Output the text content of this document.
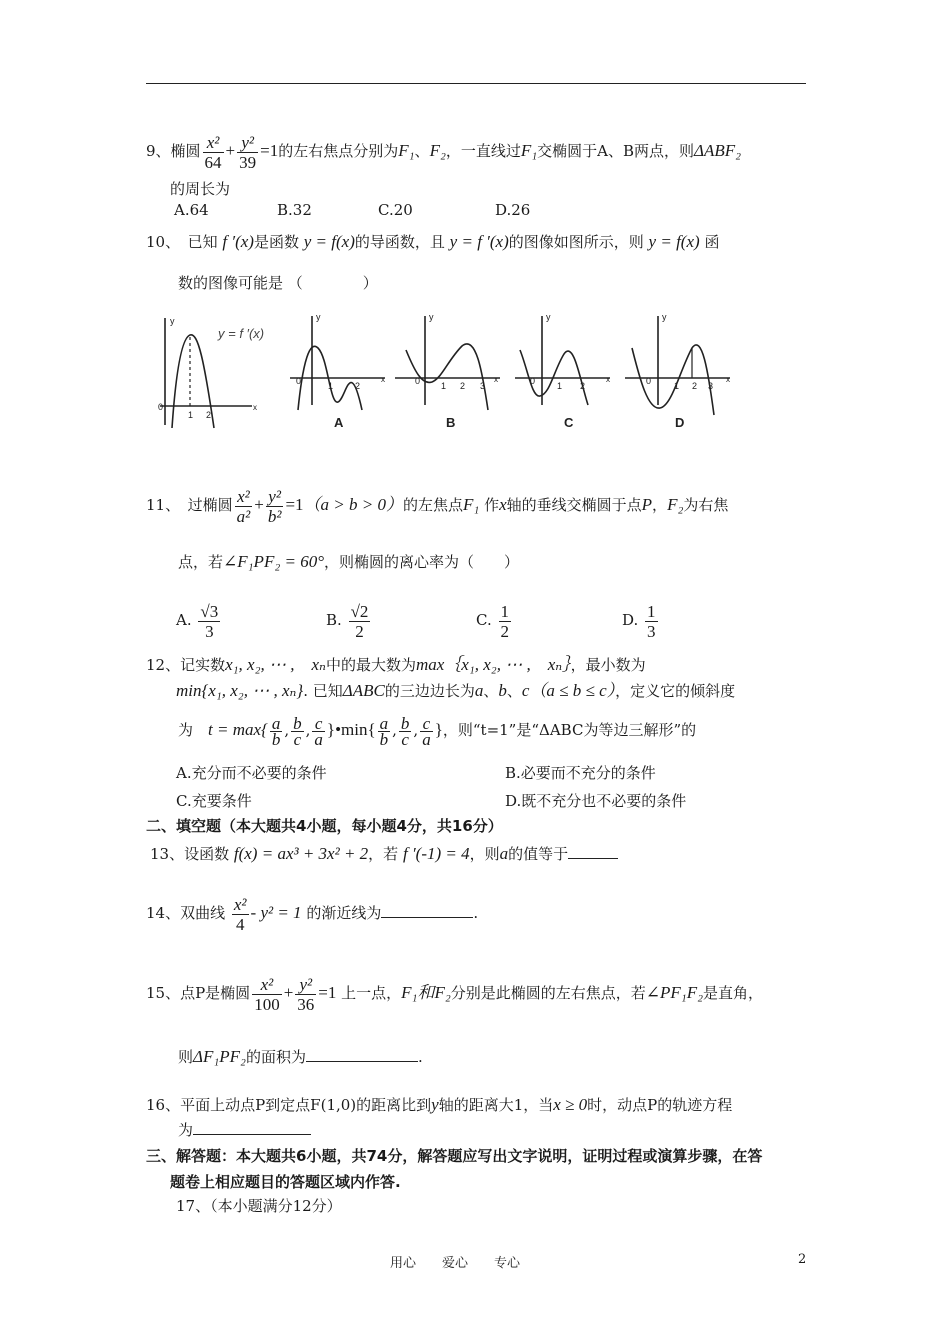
9、椭圆 $\frac{\text{x²}}{64} + \frac{\text{y²}}{39} =1$的左右焦点分别为F₁、F₂，一直线过F₁交椭圆于A、B两点，则ΔABF₂
的周长为
A.64	B.32	C.20	D.26
10、　 已知 f ′(x)是函数 y = f(x)的导函数，且 y = f ′(x)的图像如图所示，则 y = f(x) 函
数的图像可能是 （　　　　）
0
1 2
y
x
y = f ′(x)
0	1 2
y
x
A
0 1 2 3
y
x
B
0 1 2
y
x
C
0	1 2 3
y
x
D
11、　 过椭圆 $\frac{\text{x²}}{\text{a²}} + \frac{\text{y²}}{\text{b²}} =1(a > b > 0)$的左焦点F₁ 作x轴的垂线交椭圆于点P，F₂为右焦
点，若∠F₁PF₂ = 60°，则椭圆的离心率为（　　）
A. $\frac{√3}{3}$	B. $\frac{√2}{2}$	C. $\frac{1}{2}$	D. $\frac{1}{3}$
12、记实数x₁, x₂, ⋯ ,　xₙ中的最大数为max｛x₁, x₂, ⋯ ,　xₙ｝，最小数为
min{x₁, x₂, ⋯ , xₙ}. 已知ΔABC的三边边长为a、b、c（a ≤ b ≤ c），定义它的倾斜度
为　 $t = \max\{ \frac{a}{b}$ , $\frac{b}{c}$ , $\frac{c}{a}$ }•min{ $\frac{a}{b}$ , $\frac{b}{c}$ , $\frac{c}{a}$ }，则“t=1”是“ΔABC为等边三解形”的
A.充分而不必要的条件	B.必要而不充分的条件
C.充要条件	D.既不充分也不必要的条件
二、填空题（本大题共4小题，每小题4分，共16分）
13、设函数 f(x) = ax³ + 3x² + 2，若 f ′(-1) = 4，则a的值等于
14、双曲线 $\frac{\text{x²}}{4} - y^2 = 1$ 的渐近线为	.
15、点P是椭圆 $\frac{\text{x²}}{100} + \frac{\text{y²}}{36} =1$ 上一点，F₁和F₂分别是此椭圆的左右焦点，若∠PF₁F₂是直角，
则ΔF₁PF₂的面积为	.
16、平面上动点P到定点F(1,0)的距离比到y轴的距离大1，当x ≥ 0时，动点P的轨迹方程
为
三、解答题：本大题共6小题，共74分，解答题应写出文字说明，证明过程或演算步骤，在答
题卷上相应题目的答题区域内作答.
17、（本小题满分12分）
用心　　爱心　　专心	2
